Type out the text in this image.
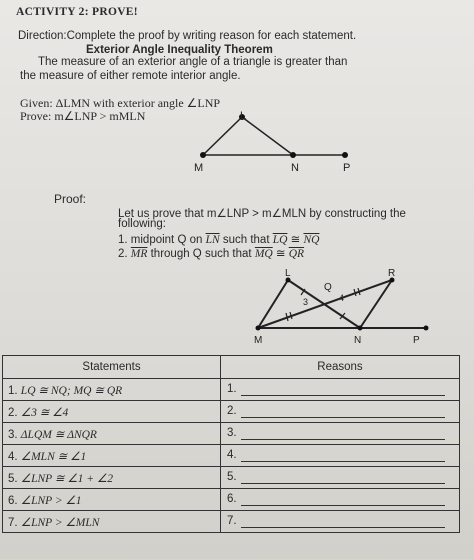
ACTIVITY 2: PROVE!
Direction:Complete the proof by writing reason for each statement.
Exterior Angle Inequality Theorem
The measure of an exterior angle of a triangle is greater than
the measure of either remote interior angle.
Given: ΔLMN with exterior angle ∠LNP
Prove: m∠LNP > mMLN	L
M	N	P
Proof:
Let us prove that m∠LNP > m∠MLN by constructing the
following:
1. midpoint Q on $\overline{LN}$ such that $\overline{LQ}$ ≅ $\overline{NQ}$
2. $\overline{MR}$ through Q such that $\overline{MQ}$ ≅ $\overline{QR}$
L	R
Q
3	4
M	N	P
Statements	Reasons
1. LQ ≅ NQ; MQ ≅ QR	1.

2. ∠3 ≅ ∠4	2.

3. ΔLQM ≅ ΔNQR	3.

4. ∠MLN ≅ ∠1	4.

5. ∠LNP ≅ ∠1 + ∠2	5.

6. ∠LNP > ∠1	6.

7. ∠LNP > ∠MLN	7.
